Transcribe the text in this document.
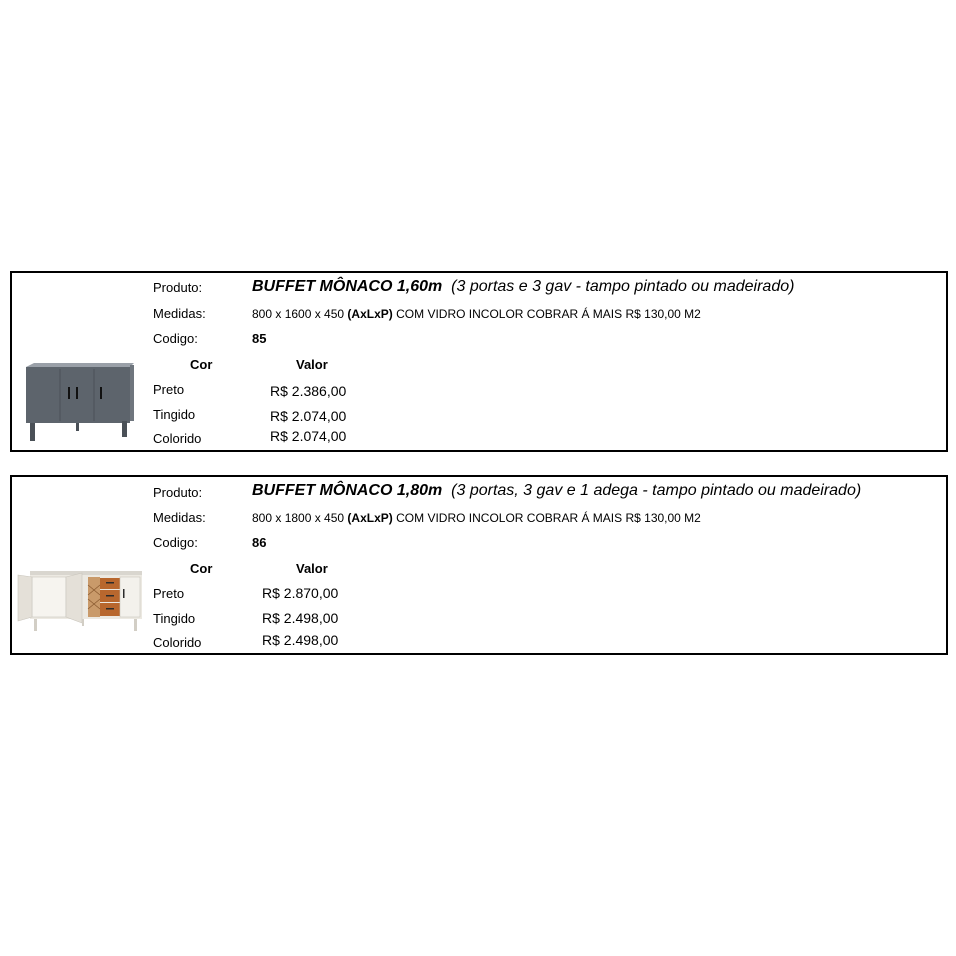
Produto:	BUFFET MÔNACO 1,60m (3 portas e 3 gav - tampo pintado ou madeirado)
Medidas:	800 x 1600 x 450 (AxLxP) COM VIDRO INCOLOR COBRAR Á MAIS R$ 130,00 M2
Codigo:	85
Cor	Valor
Preto	R$ 2.386,00
Tingido	R$ 2.074,00
Colorido	R$ 2.074,00
Produto:	BUFFET MÔNACO 1,80m (3 portas, 3 gav e 1 adega - tampo pintado ou madeirado)
Medidas:	800 x 1800 x 450 (AxLxP) COM VIDRO INCOLOR COBRAR Á MAIS R$ 130,00 M2
Codigo:	86
Cor	Valor
Preto	R$ 2.870,00
Tingido	R$ 2.498,00
Colorido	R$ 2.498,00
